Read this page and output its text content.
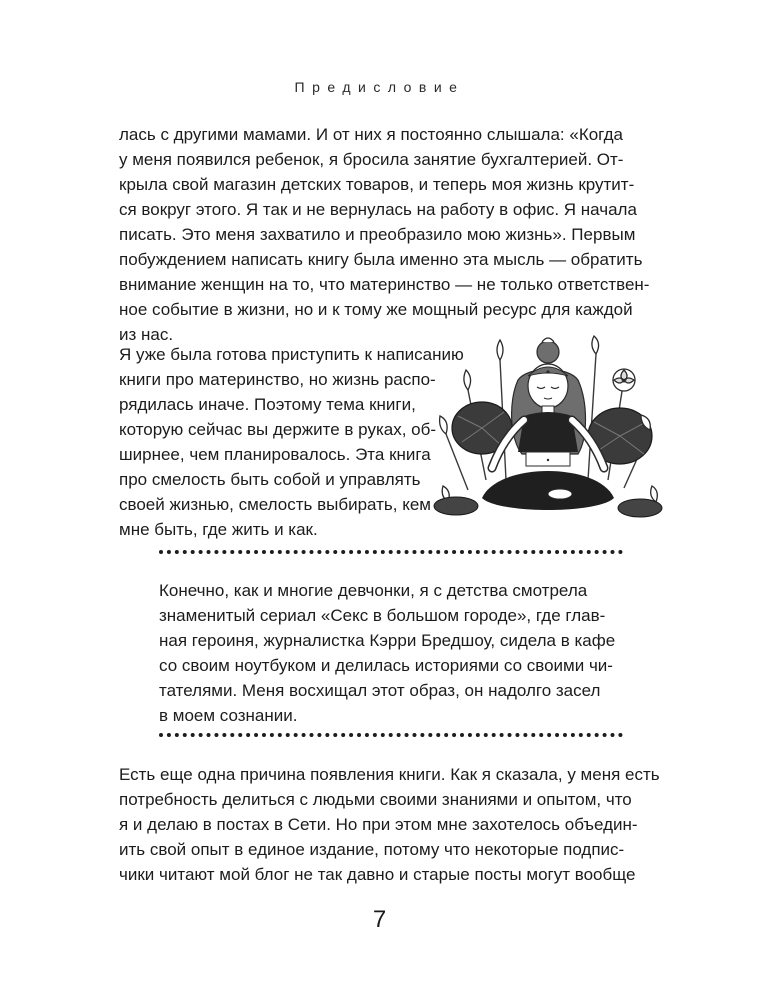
Предисловие
лась с другими мамами. И от них я постоянно слышала: «Когда
у меня появился ребенок, я бросила занятие бухгалтерией. От-
крыла свой магазин детских товаров, и теперь моя жизнь крутит-
ся вокруг этого. Я так и не вернулась на работу в офис. Я начала
писать. Это меня захватило и преобразило мою жизнь». Первым
побуждением написать книгу была именно эта мысль — обратить
внимание женщин на то, что материнство — не только ответствен-
ное событие в жизни, но и к тому же мощный ресурс для каждой
из нас.
Я уже была готова приступить к написанию
книги про материнство, но жизнь распо-
рядилась иначе. Поэтому тема книги,
которую сейчас вы держите в руках, об-
ширнее, чем планировалось. Эта книга
про смелость быть собой и управлять
своей жизнью, смелость выбирать, кем
мне быть, где жить и как.
Конечно, как и многие девчонки, я с детства смотрела
знаменитый сериал «Секс в большом городе», где глав-
ная героиня, журналистка Кэрри Бредшоу, сидела в кафе
со своим ноутбуком и делилась историями со своими чи-
тателями. Меня восхищал этот образ, он надолго засел
в моем сознании.
Есть еще одна причина появления книги. Как я сказала, у меня есть
потребность делиться с людьми своими знаниями и опытом, что
я и делаю в постах в Сети. Но при этом мне захотелось объедин-
ить свой опыт в единое издание, потому что некоторые подпис-
чики читают мой блог не так давно и старые посты могут вообще
7
